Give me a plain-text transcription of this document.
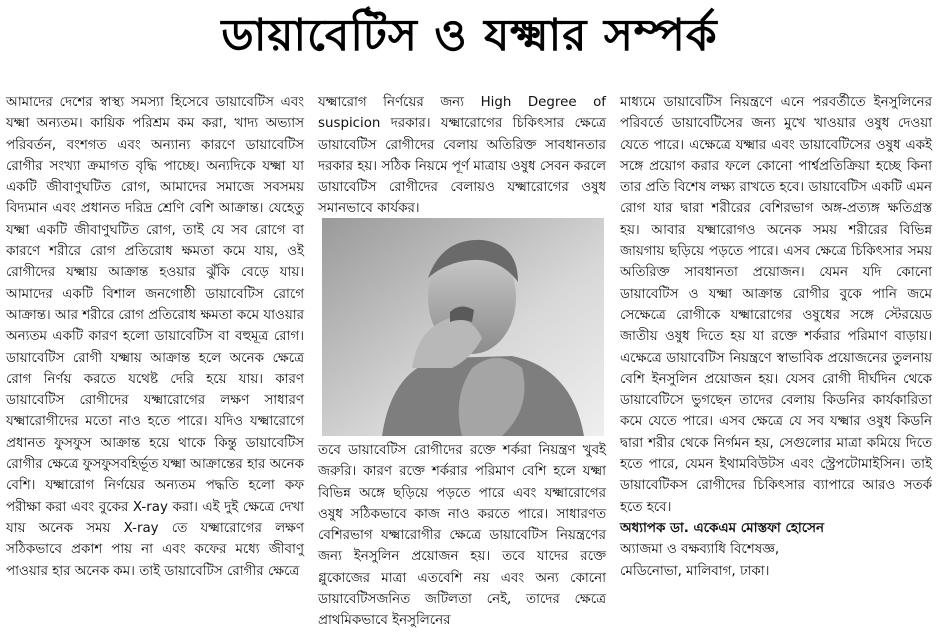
ডায়াবেটিস ও যক্ষ্মার সম্পর্ক

আমাদের দেশের স্বাস্থ্য সমস্যা হিসেবে ডায়াবেটিস এবং যক্ষ্মা অন্যতম। কায়িক পরিশ্রম কম করা, খাদ্য অভ্যাস পরিবর্তন, বংশগত এবং অন্যান্য কারণে ডায়াবেটিস রোগীর সংখ্যা ক্রমাগত বৃদ্ধি পাচ্ছে। অন্যদিকে যক্ষ্মা যা একটি জীবাণুঘটিত রোগ, আমাদের সমাজে সবসময় বিদ্যমান এবং প্রধানত দরিদ্র শ্রেণি বেশি আক্রান্ত। যেহেতু যক্ষ্মা একটি জীবাণুঘটিত রোগ, তাই যে সব রোগে বা কারণে শরীরে রোগ প্রতিরোধ ক্ষমতা কমে যায়, ওই রোগীদের যক্ষ্মায় আক্রান্ত হওয়ার ঝুঁকি বেড়ে যায়। আমাদের একটি বিশাল জনগোষ্ঠী ডায়াবেটিস রোগে আক্রান্ত। আর শরীরে রোগ প্রতিরোধ ক্ষমতা কমে যাওয়ার অন্যতম একটি কারণ হলো ডায়াবেটিস বা বহুমূত্র রোগ। ডায়াবেটিস রোগী যক্ষ্মায় আক্রান্ত হলে অনেক ক্ষেত্রে রোগ নির্ণয় করতে যথেষ্ট দেরি হয়ে যায়। কারণ ডায়াবেটিস রোগীদের যক্ষ্মারোগের লক্ষণ সাধারণ যক্ষ্মারোগীদের মতো নাও হতে পারে। যদিও যক্ষ্মারোগে প্রধানত ফুসফুস আক্রান্ত হয়ে থাকে কিন্তু ডায়াবেটিস রোগীর ক্ষেত্রে ফুসফুসবহির্ভূত যক্ষ্মা আক্রান্তের হার অনেক বেশি। যক্ষ্মারোগ নির্ণয়ের অন্যতম পদ্ধতি হলো কফ পরীক্ষা করা এবং বুকের X-ray করা। এই দুই ক্ষেত্রে দেখা যায় অনেক সময় X-ray তে যক্ষ্মারোগের লক্ষণ সঠিকভাবে প্রকাশ পায় না এবং কফের মধ্যে জীবাণু পাওয়ার হার অনেক কম। তাই ডায়াবেটিস রোগীর ক্ষেত্রে

যক্ষ্মারোগ নির্ণয়ের জন্য High Degree of suspicion দরকার। যক্ষ্মারোগের চিকিৎসার ক্ষেত্রে ডায়াবেটিস রোগীদের বেলায় অতিরিক্ত সাবধানতার দরকার হয়। সঠিক নিয়মে পূর্ণ মাত্রায় ওষুধ সেবন করলে ডায়াবেটিস রোগীদের বেলায়ও যক্ষ্মারোগের ওষুধ সমানভাবে কার্যকর।

তবে ডায়াবেটিস রোগীদের রক্তে শর্করা নিয়ন্ত্রণ খুবই জরুরি। কারণ রক্তে শর্করার পরিমাণ বেশি হলে যক্ষ্মা বিভিন্ন অঙ্গে ছড়িয়ে পড়তে পারে এবং যক্ষ্মারোগের ওষুধ সঠিকভাবে কাজ নাও করতে পারে। সাধারণত বেশিরভাগ যক্ষ্মারোগীর ক্ষেত্রে ডায়াবেটিস নিয়ন্ত্রণের জন্য ইনসুলিন প্রয়োজন হয়। তবে যাদের রক্তে গ্লুকোজের মাত্রা এতবেশি নয় এবং অন্য কোনো ডায়াবেটিসজনিত জটিলতা নেই, তাদের ক্ষেত্রে প্রাথমিকভাবে ইনসুলিনের

মাধ্যমে ডায়াবেটিস নিয়ন্ত্রণে এনে পরবর্তীতে ইনসুলিনের পরিবর্তে ডায়াবেটিসের জন্য মুখে খাওয়ার ওষুধ দেওয়া যেতে পারে। এক্ষেত্রে যক্ষ্মার এবং ডায়াবেটিসের ওষুধ একই সঙ্গে প্রয়োগ করার ফলে কোনো পার্শ্বপ্রতিক্রিয়া হচ্ছে কিনা তার প্রতি বিশেষ লক্ষ্য রাখতে হবে। ডায়াবেটিস একটি এমন রোগ যার দ্বারা শরীরের বেশিরভাগ অঙ্গ-প্রত্যঙ্গ ক্ষতিগ্রস্ত হয়। আবার যক্ষ্মারোগও অনেক সময় শরীরের বিভিন্ন জায়গায় ছড়িয়ে পড়তে পারে। এসব ক্ষেত্রে চিকিৎসার সময় অতিরিক্ত সাবধানতা প্রয়োজন। যেমন যদি কোনো ডায়াবেটিস ও যক্ষ্মা আক্রান্ত রোগীর বুকে পানি জমে সেক্ষেত্রে রোগীকে যক্ষ্মারোগের ওষুধের সঙ্গে স্টেরয়েড জাতীয় ওষুধ দিতে হয় যা রক্তে শর্করার পরিমাণ বাড়ায়। এক্ষেত্রে ডায়াবেটিস নিয়ন্ত্রণে স্বাভাবিক প্রয়োজনের তুলনায় বেশি ইনসুলিন প্রয়োজন হয়। যেসব রোগী দীর্ঘদিন থেকে ডায়াবেটিসে ভুগছেন তাদের বেলায় কিডনির কার্যকারিতা কমে যেতে পারে। এসব ক্ষেত্রে যে সব যক্ষ্মার ওষুধ কিডনি দ্বারা শরীর থেকে নির্গমন হয়, সেগুলোর মাত্রা কমিয়ে দিতে হতে পারে, যেমন ইথামবিউটস এবং স্ট্রেপটোমাইসিন। তাই ডায়াবেটিকস রোগীদের চিকিৎসার ব্যাপারে আরও সতর্ক হতে হবে।

অধ্যাপক ডা. একেএম মোস্তফা হোসেন

অ্যাজমা ও বক্ষব্যাধি বিশেষজ্ঞ,

মেডিনোভা, মালিবাগ, ঢাকা।
